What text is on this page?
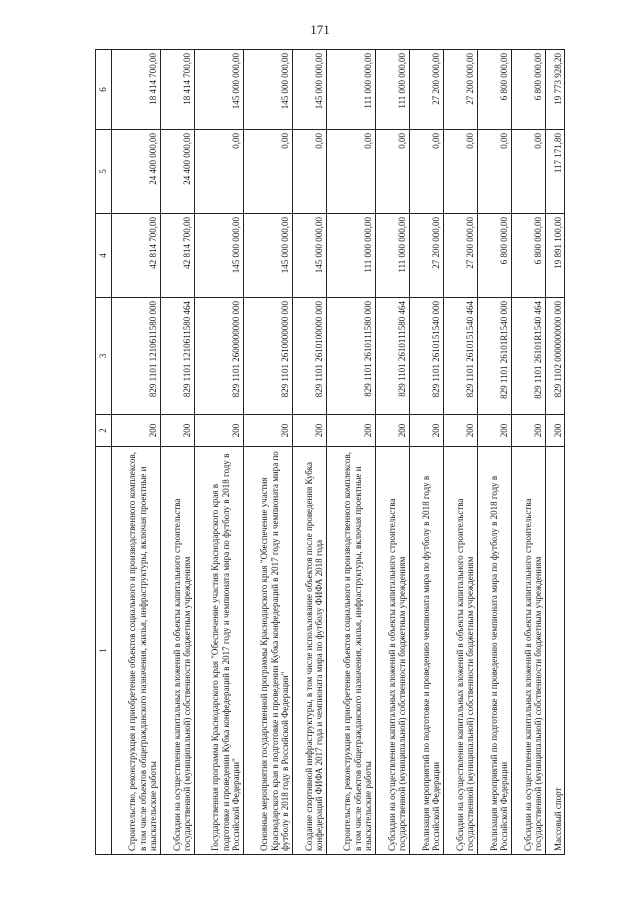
171
1	2	3	4	5	6
Строительство, реконструкция и приобретение объектов социального и производственного комплексов, в том числе объектов общегражданского назначения, жилья, инфраструктуры, включая проектные и изыскательские работы	200	829 1101 1210611580 000	42 814 700,00	24 400 000,00	18 414 700,00
Субсидии на осуществление капитальных вложений в объекты капитального строительства государственной (муниципальной) собственности бюджетным учреждениям	200	829 1101 1210611580 464	42 814 700,00	24 400 000,00	18 414 700,00
Государственная программа Краснодарского края "Обеспечение участия Краснодарского края в подготовке и проведении Кубка конфедераций в 2017 году и чемпионата мира по футболу в 2018 году в Российской Федерации"	200	829 1101 2600000000 000	145 000 000,00	0,00	145 000 000,00
Основные мероприятия государственной программы Краснодарского края "Обеспечение участия Краснодарского края в подготовке и проведении Кубка конфедераций в 2017 году и чемпионата мира по футболу в 2018 году в Российской Федерации"	200	829 1101 2610000000 000	145 000 000,00	0,00	145 000 000,00
Создание спортивной инфраструктуры, в том числе использование объектов после проведения Кубка конфедераций ФИФА 2017 года и чемпионата мира по футболу ФИФА 2018 года	200	829 1101 2610100000 000	145 000 000,00	0,00	145 000 000,00
Строительство, реконструкция и приобретение объектов социального и производственного комплексов, в том числе объектов общегражданского назначения, жилья, инфраструктуры, включая проектные и изыскательские работы	200	829 1101 2610111580 000	111 000 000,00	0,00	111 000 000,00
Субсидии на осуществление капитальных вложений в объекты капитального строительства государственной (муниципальной) собственности бюджетным учреждениям	200	829 1101 2610111580 464	111 000 000,00	0,00	111 000 000,00
Реализация мероприятий по подготовке и проведению чемпионата мира по футболу в 2018 году в Российской Федерации	200	829 1101 2610151540 000	27 200 000,00	0,00	27 200 000,00
Субсидии на осуществление капитальных вложений в объекты капитального строительства государственной (муниципальной) собственности бюджетным учреждениям	200	829 1101 2610151540 464	27 200 000,00	0,00	27 200 000,00
Реализация мероприятий по подготовке и проведению чемпионата мира по футболу в 2018 году в Российской Федерации	200	829 1101 26101R1540 000	6 800 000,00	0,00	6 800 000,00
Субсидии на осуществление капитальных вложений в объекты капитального строительства государственной (муниципальной) собственности бюджетным учреждениям	200	829 1101 26101R1540 464	6 800 000,00	0,00	6 800 000,00
Массовый спорт	200	829 1102 0000000000 000	19 891 100,00	117 171,80	19 773 928,20
